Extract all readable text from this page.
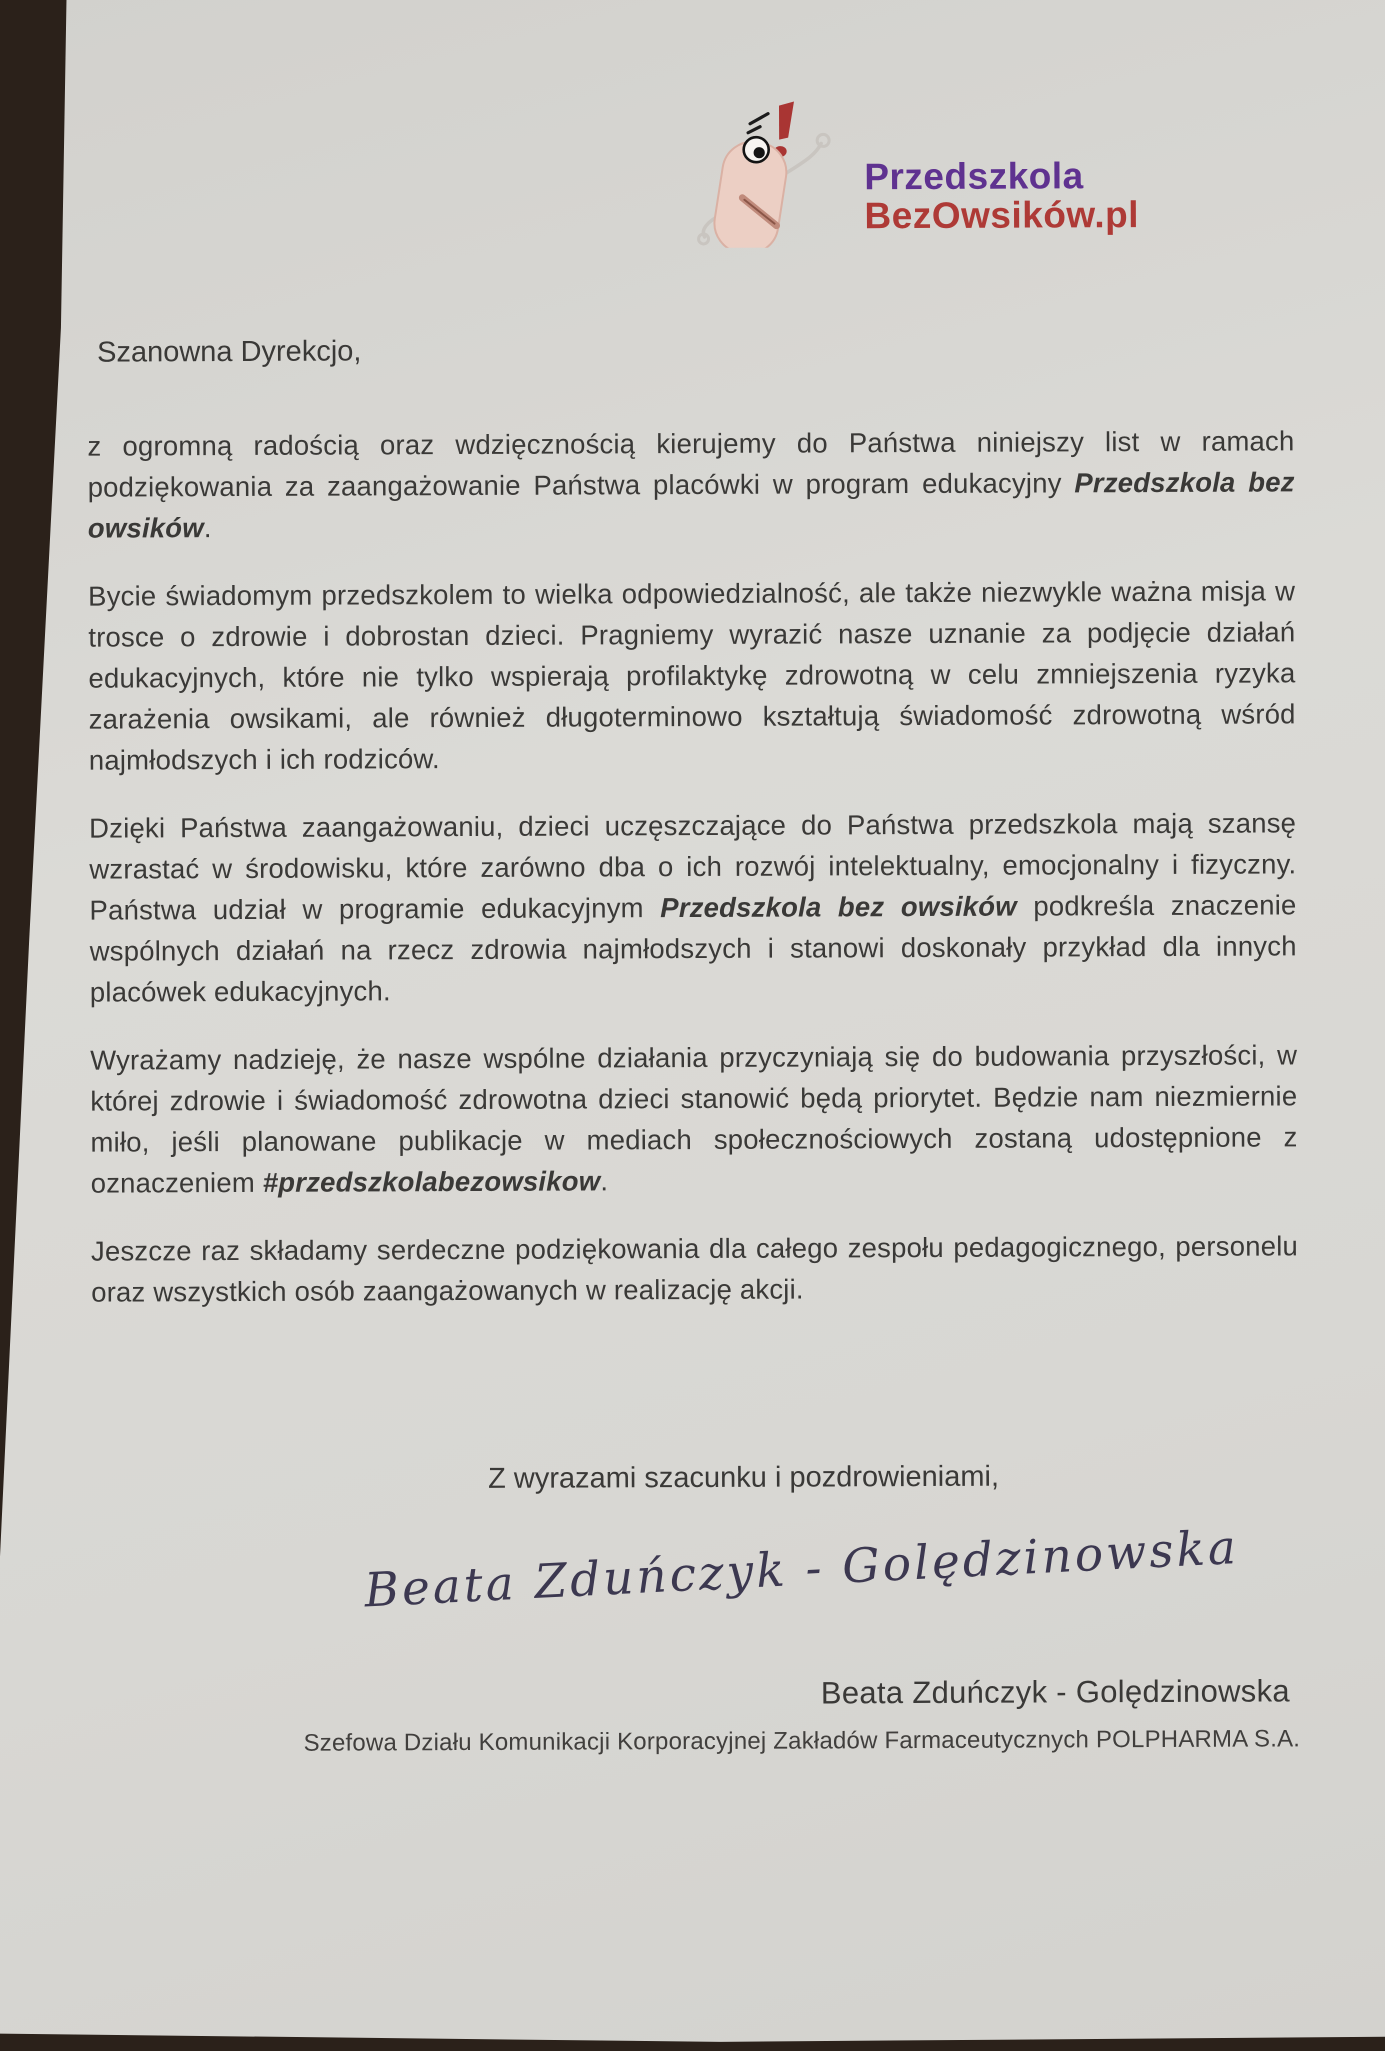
Przedszkola
BezOwsików.pl
Szanowna Dyrekcjo,

z ogromną radością oraz wdzięcznością kierujemy do Państwa niniejszy list w ramach podziękowania za zaangażowanie Państwa placówki w program edukacyjny Przedszkola bez owsików.

Bycie świadomym przedszkolem to wielka odpowiedzialność, ale także niezwykle ważna misja w trosce o zdrowie i dobrostan dzieci. Pragniemy wyrazić nasze uznanie za podjęcie działań edukacyjnych, które nie tylko wspierają profilaktykę zdrowotną w celu zmniejszenia ryzyka zarażenia owsikami, ale również długoterminowo kształtują świadomość zdrowotną wśród najmłodszych i ich rodziców.

Dzięki Państwa zaangażowaniu, dzieci uczęszczające do Państwa przedszkola mają szansę wzrastać w środowisku, które zarówno dba o ich rozwój intelektualny, emocjonalny i fizyczny. Państwa udział w programie edukacyjnym Przedszkola bez owsików podkreśla znaczenie wspólnych działań na rzecz zdrowia najmłodszych i stanowi doskonały przykład dla innych placówek edukacyjnych.

Wyrażamy nadzieję, że nasze wspólne działania przyczyniają się do budowania przyszłości, w której zdrowie i świadomość zdrowotna dzieci stanowić będą priorytet. Będzie nam niezmiernie miło, jeśli planowane publikacje w mediach społecznościowych zostaną udostępnione z oznaczeniem #przedszkolabezowsikow.

Jeszcze raz składamy serdeczne podziękowania dla całego zespołu pedagogicznego, personelu oraz wszystkich osób zaangażowanych w realizację akcji.

Z wyrazami szacunku i pozdrowieniami,
Beata Zduńczyk - Golędzinowska
Beata Zduńczyk - Golędzinowska
Szefowa Działu Komunikacji Korporacyjnej Zakładów Farmaceutycznych POLPHARMA S.A.
